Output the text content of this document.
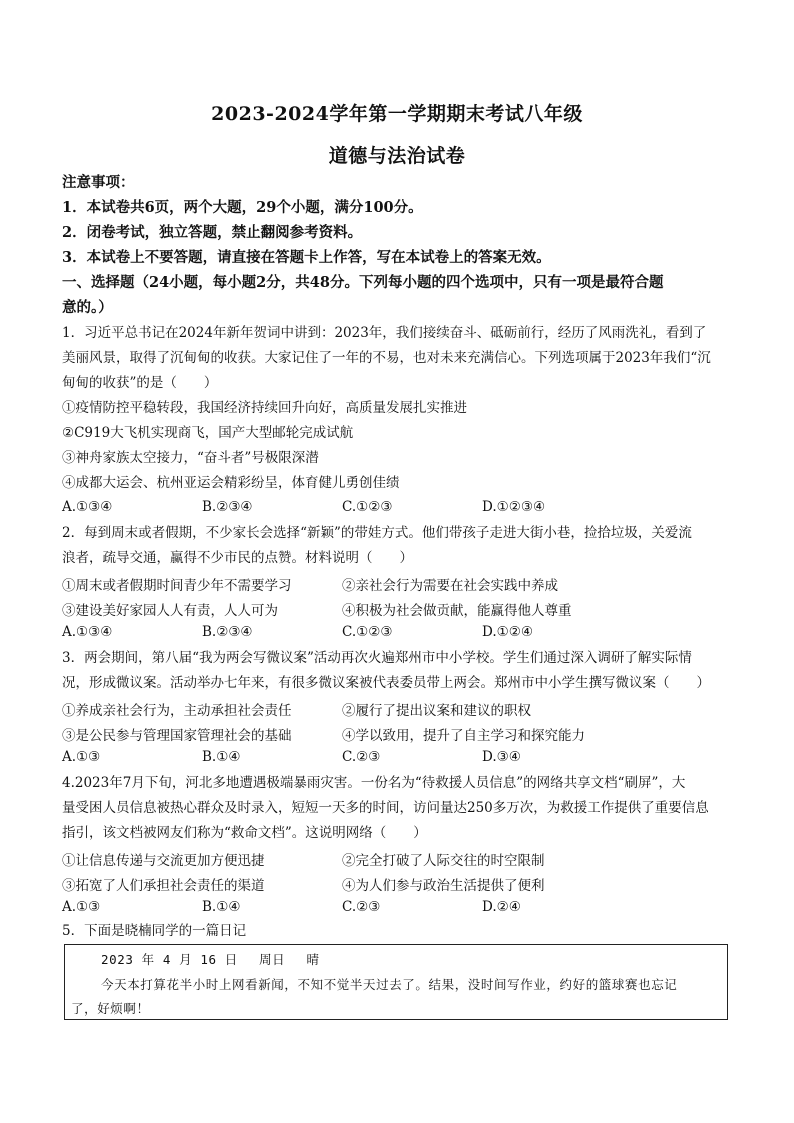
2023-2024学年第一学期期末考试八年级
道德与法治试卷
注意事项：
1．本试卷共6页，两个大题，29个小题，满分100分。
2．闭卷考试，独立答题，禁止翻阅参考资料。
3．本试卷上不要答题，请直接在答题卡上作答，写在本试卷上的答案无效。
一、选择题（24小题，每小题2分，共48分。下列每小题的四个选项中，只有一项是最符合题
意的。）
1．习近平总书记在2024年新年贺词中讲到：2023年，我们接续奋斗、砥砺前行，经历了风雨洗礼，看到了
美丽风景，取得了沉甸甸的收获。大家记住了一年的不易，也对未来充满信心。下列选项属于2023年我们“沉
甸甸的收获”的是（　　）
①疫情防控平稳转段，我国经济持续回升向好，高质量发展扎实推进
②C919大飞机实现商飞，国产大型邮轮完成试航
③神舟家族太空接力，“奋斗者”号极限深潜
④成都大运会、杭州亚运会精彩纷呈，体育健儿勇创佳绩
A.①③④	B.②③④	C.①②③	D.①②③④
2．每到周末或者假期，不少家长会选择“新颖”的带娃方式。他们带孩子走进大街小巷，捡拾垃圾，关爱流
浪者，疏导交通，赢得不少市民的点赞。材料说明（　　）
①周末或者假期时间青少年不需要学习	②亲社会行为需要在社会实践中养成
③建设美好家园人人有责，人人可为	④积极为社会做贡献，能赢得他人尊重
A.①③④	B.②③④	C.①②③	D.①②④
3．两会期间，第八届“我为两会写微议案”活动再次火遍郑州市中小学校。学生们通过深入调研了解实际情
况，形成微议案。活动举办七年来，有很多微议案被代表委员带上两会。郑州市中小学生撰写微议案（　　）
①养成亲社会行为，主动承担社会责任	②履行了提出议案和建议的职权
③是公民参与管理国家管理社会的基础	④学以致用，提升了自主学习和探究能力
A.①③	B.①④	C.②③	D.③④
4.2023年7月下旬，河北多地遭遇极端暴雨灾害。一份名为“待救援人员信息”的网络共享文档“刷屏”，大
量受困人员信息被热心群众及时录入，短短一天多的时间，访问量达250多万次，为救援工作提供了重要信息
指引，该文档被网友们称为“救命文档”。这说明网络（　　）
①让信息传递与交流更加方便迅捷	②完全打破了人际交往的时空限制
③拓宽了人们承担社会责任的渠道	④为人们参与政治生活提供了便利
A.①③	B.①④	C.②③	D.②④
5．下面是晓楠同学的一篇日记
2023 年 4 月 16 日　 周日　 晴
今天本打算花半小时上网看新闻，不知不觉半天过去了。结果，没时间写作业，约好的篮球赛也忘记
了，好烦啊！
